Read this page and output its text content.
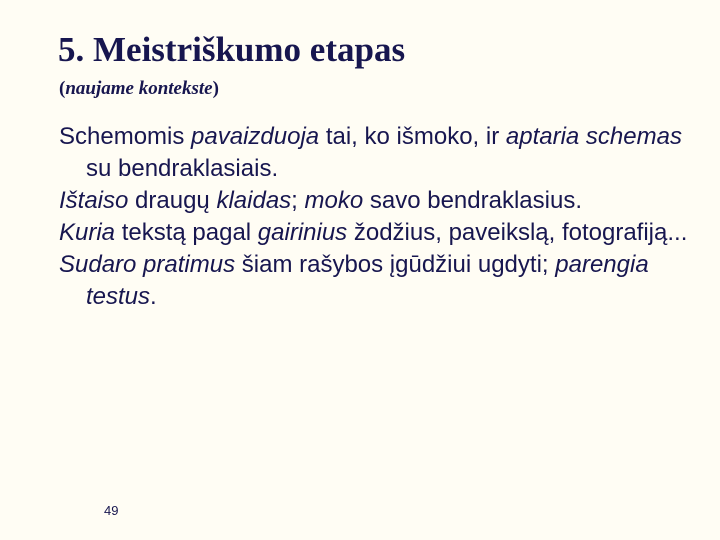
5. Meistriškumo etapas

(naujame kontekste)

Schemomis pavaizduoja tai, ko išmoko, ir aptaria schemas su bendraklasiais.

Ištaiso draugų klaidas; moko savo bendraklasius.

Kuria tekstą pagal gairinius žodžius, paveikslą, fotografiją...

Sudaro pratimus šiam rašybos įgūdžiui ugdyti; parengia testus.

49
